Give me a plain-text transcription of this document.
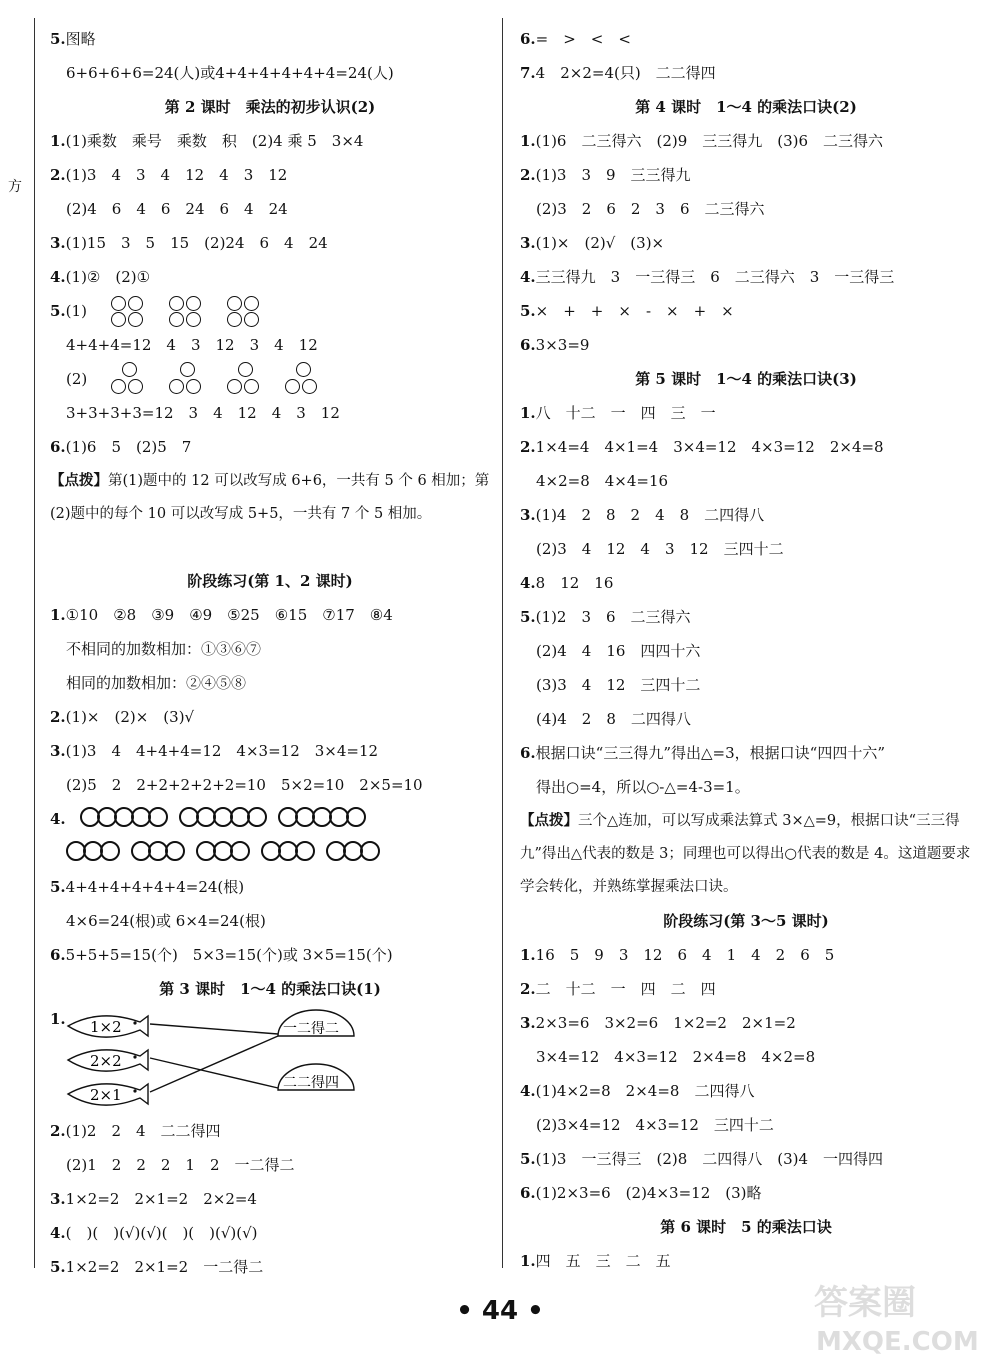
方
5.图略
6+6+6+6=24(人)或4+4+4+4+4+4=24(人)
第 2 课时　乘法的初步认识(2)
1.(1)乘数　乘号　乘数　积　(2)4 乘 5　3×4
2.(1)3　4　3　4　12　4　3　12
(2)4　6　4　6　24　6　4　24
3.(1)15　3　5　15　(2)24　6　4　24
4.(1)②　(2)①
5.(1)
4+4+4=12　4　3　12　3　4　12
(2)
3+3+3+3=12　3　4　12　4　3　12
6.(1)6　5　(2)5　7
【点拨】第(1)题中的 12 可以改写成 6+6，一共有 5 个 6 相加；第(2)题中的每个 10 可以改写成 5+5，一共有 7 个 5 相加。
阶段练习(第 1、2 课时)
1.①10　②8　③9　④9　⑤25　⑥15　⑦17　⑧4
不相同的加数相加：①③⑥⑦
相同的加数相加：②④⑤⑧
2.(1)×　(2)×　(3)√
3.(1)3　4　4+4+4=12　4×3=12　3×4=12
(2)5　2　2+2+2+2+2=10　5×2=10　2×5=10
4.
5.4+4+4+4+4+4=24(根)
4×6=24(根)或 6×4=24(根)
6.5+5+5=15(个)　5×3=15(个)或 3×5=15(个)
第 3 课时　1～4 的乘法口诀(1)
1. 1×2
2×2
2×1
一二得二
二二得四
2.(1)2　2　4　二二得四
(2)1　2　2　2　1　2　一二得二
3.1×2=2　2×1=2　2×2=4
4.(　)(　)(√)(√)(　)(　)(√)(√)
5.1×2=2　2×1=2　一二得二
6.=　>　<　<
7.4　2×2=4(只)　二二得四
第 4 课时　1～4 的乘法口诀(2)
1.(1)6　二三得六　(2)9　三三得九　(3)6　二三得六
2.(1)3　3　9　三三得九
(2)3　2　6　2　3　6　二三得六
3.(1)×　(2)√　(3)×
4.三三得九　3　一三得三　6　二三得六　3　一三得三
5.×　+　+　×　-　×　+　×
6.3×3=9
第 5 课时　1～4 的乘法口诀(3)
1.八　十二　一　四　三　一
2.1×4=4　4×1=4　3×4=12　4×3=12　2×4=8
4×2=8　4×4=16
3.(1)4　2　8　2　4　8　二四得八
(2)3　4　12　4　3　12　三四十二
4.8　12　16
5.(1)2　3　6　二三得六
(2)4　4　16　四四十六
(3)3　4　12　三四十二
(4)4　2　8　二四得八
6.根据口诀“三三得九”得出△=3，根据口诀“四四十六”
得出○=4，所以○-△=4-3=1。
【点拨】三个△连加，可以写成乘法算式 3×△=9，根据口诀“三三得九”得出△代表的数是 3；同理也可以得出○代表的数是 4。这道题要求学会转化，并熟练掌握乘法口诀。
阶段练习(第 3～5 课时)
1.16　5　9　3　12　6　4　1　4　2　6　5
2.二　十二　一　四　二　四
3.2×3=6　3×2=6　1×2=2　2×1=2
3×4=12　4×3=12　2×4=8　4×2=8
4.(1)4×2=8　2×4=8　二四得八
(2)3×4=12　4×3=12　三四十二
5.(1)3　一三得三　(2)8　二四得八　(3)4　一四得四
6.(1)2×3=6　(2)4×3=12　(3)略
第 6 课时　5 的乘法口诀
1.四　五　三　二　五
• 44 •	答案圈
MXQE.COM
